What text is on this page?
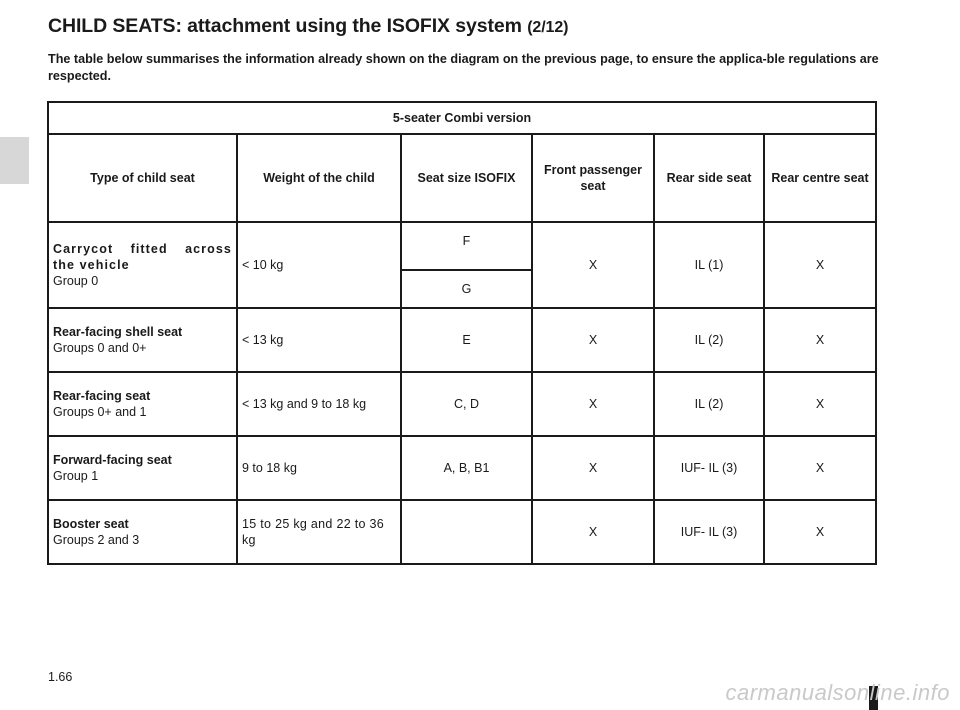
CHILD SEATS: attachment using the ISOFIX system (2/12)

The table below summarises the information already shown on the diagram on the previous page, to ensure the applica-ble regulations are respected.

5-seater Combi version					
Type of child seat	Weight of the child	Seat size ISOFIX	Front passenger seat	Rear side seat	Rear centre seat

Carrycot fitted across the vehicle
Group 0	< 10 kg	F	X	IL (1)	X
		G			

Rear-facing shell seat
Groups 0 and 0+	< 13 kg	E	X	IL (2)	X

Rear-facing seat
Groups 0+ and 1	< 13 kg and 9 to 18 kg	C, D	X	IL (2)	X

Forward-facing seat
Group 1	9 to 18 kg	A, B, B1	X	IUF- IL (3)	X

Booster seat
Groups 2 and 3	15 to 25 kg and 22 to 36 kg		X	IUF- IL (3)	X
1.66
carmanualsonline.info
